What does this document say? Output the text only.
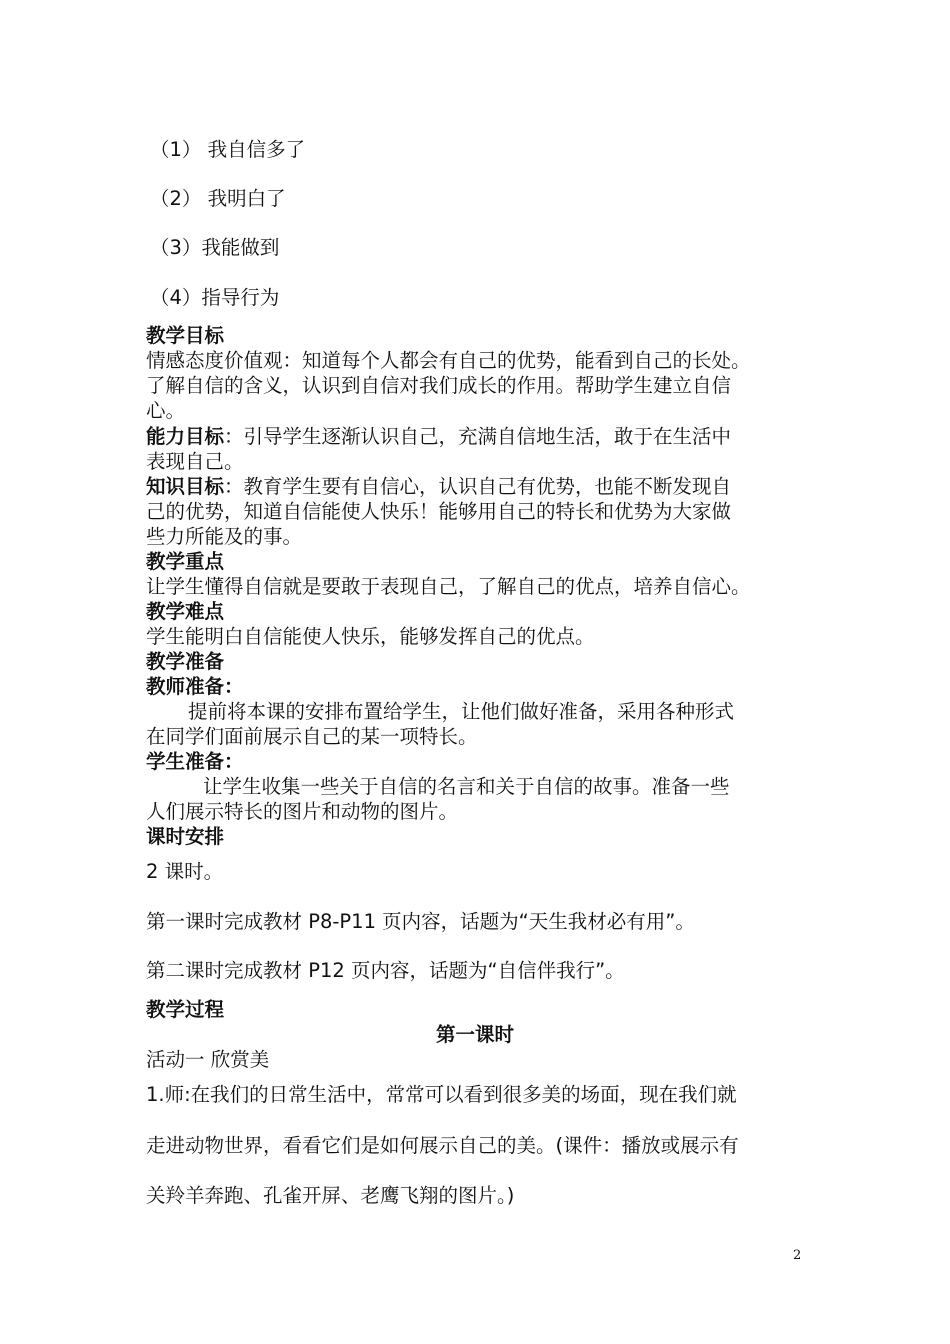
（1） 我自信多了
（2） 我明白了
（3）我能做到
（4）指导行为
教学目标
情感态度价值观：知道每个人都会有自己的优势，能看到自己的长处。
了解自信的含义，认识到自信对我们成长的作用。帮助学生建立自信
心。
能力目标：引导学生逐渐认识自己，充满自信地生活，敢于在生活中
表现自己。
知识目标：教育学生要有自信心，认识自己有优势，也能不断发现自
己的优势，知道自信能使人快乐！能够用自己的特长和优势为大家做
些力所能及的事。
教学重点
让学生懂得自信就是要敢于表现自己，了解自己的优点，培养自信心。
教学难点
学生能明白自信能使人快乐，能够发挥自己的优点。
教学准备
教师准备：
提前将本课的安排布置给学生，让他们做好准备，采用各种形式
在同学们面前展示自己的某一项特长。
学生准备：
让学生收集一些关于自信的名言和关于自信的故事。准备一些
人们展示特长的图片和动物的图片。
课时安排
2 课时。
第一课时完成教材 P8-P11 页内容，话题为“天生我材必有用”。
第二课时完成教材 P12 页内容，话题为“自信伴我行”。
教学过程
第一课时
活动一 欣赏美
1.师:在我们的日常生活中，常常可以看到很多美的场面，现在我们就
走进动物世界，看看它们是如何展示自己的美。(课件：播放或展示有
关羚羊奔跑、孔雀开屏、老鹰飞翔的图片。)
2
